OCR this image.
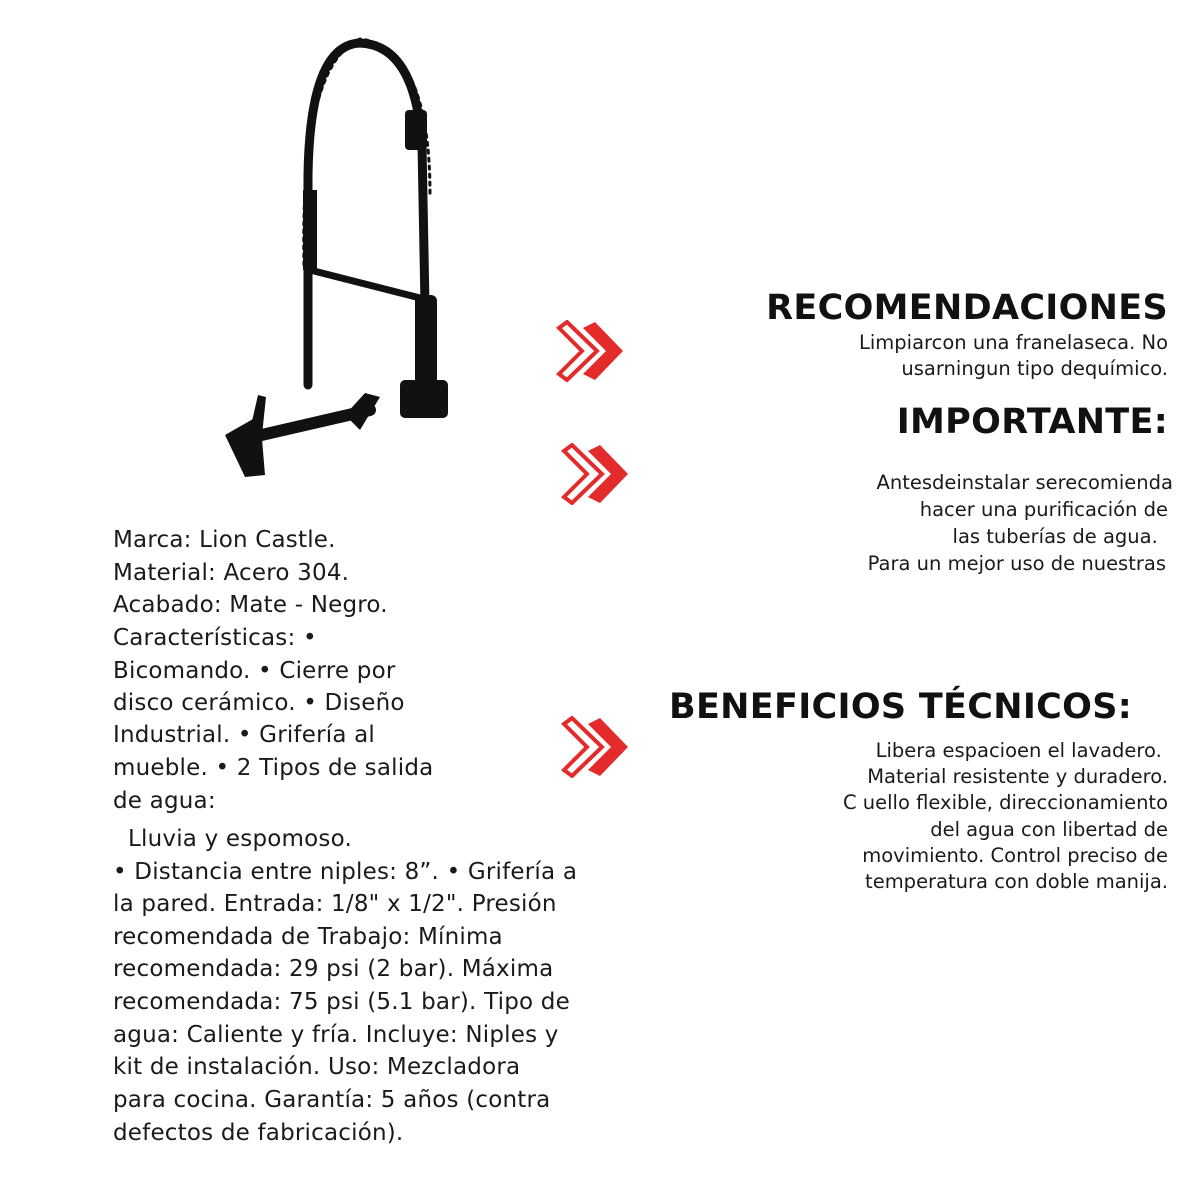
Marca: Lion Castle.
Material: Acero 304.
Acabado: Mate - Negro.
Características: •
Bicomando. • Cierre por
disco cerámico. • Diseño
Industrial. • Grifería al
mueble. • 2 Tipos de salida
de agua:
Lluvia y espomoso.
• Distancia entre niples: 8”. • Grifería a
la pared. Entrada: 1/8" x 1/2". Presión
recomendada de Trabajo: Mínima
recomendada: 29 psi (2 bar). Máxima
recomendada: 75 psi (5.1 bar). Tipo de
agua: Caliente y fría. Incluye: Niples y
kit de instalación. Uso: Mezcladora
para cocina. Garantía: 5 años (contra
defectos de fabricación).
RECOMENDACIONES
Limpiarcon una franelaseca. No
usarningun tipo dequímico.
IMPORTANTE:
Antesdeinstalar serecomienda
hacer una purificación de
las tuberías de agua.
Para un mejor uso de nuestras
BENEFICIOS TÉCNICOS:
Libera espacioen el lavadero.
Material resistente y duradero.
C uello flexible, direccionamiento
del agua con libertad de
movimiento. Control preciso de
temperatura con doble manija.
